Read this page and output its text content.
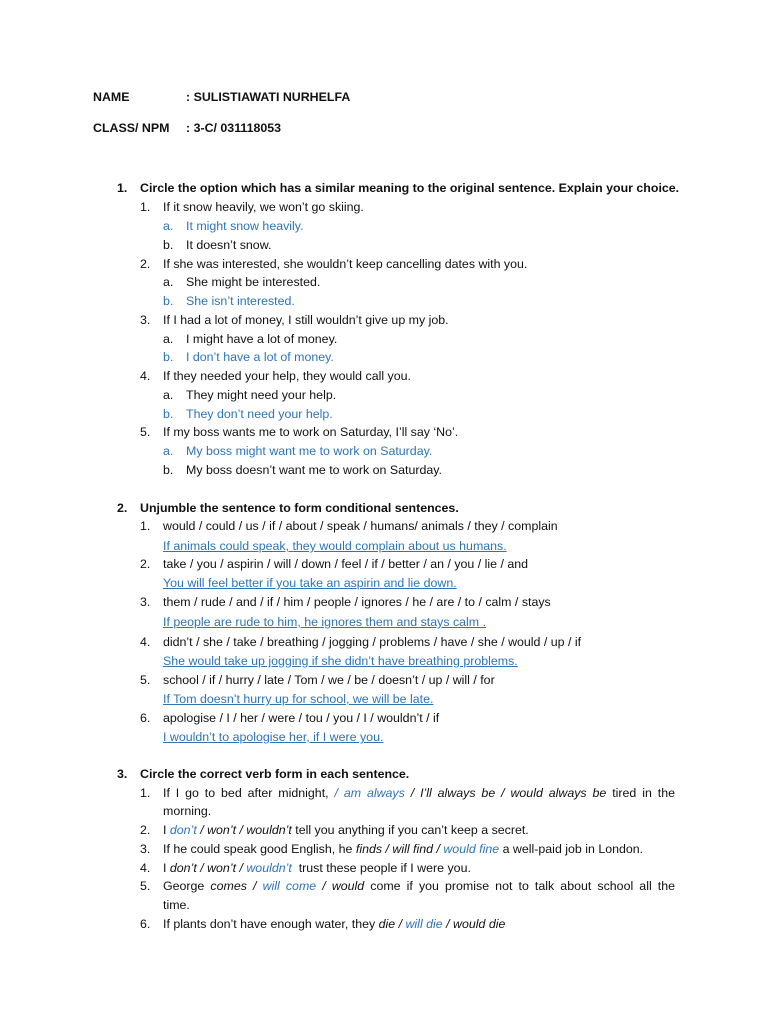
NAME	: SULISTIAWATI NURHELFA
CLASS/ NPM : 3-C/ 031118053
1. Circle the option which has a similar meaning to the original sentence. Explain your choice.
1. If it snow heavily, we won’t go skiing.
a. It might snow heavily.
b. It doesn’t snow.
2. If she was interested, she wouldn’t keep cancelling dates with you.
a. She might be interested.
b. She isn’t interested.
3. If I had a lot of money, I still wouldn’t give up my job.
a. I might have a lot of money.
b. I don’t have a lot of money.
4. If they needed your help, they would call you.
a. They might need your help.
b. They don’t need your help.
5. If my boss wants me to work on Saturday, I’ll say ‘No’.
a. My boss might want me to work on Saturday.
b. My boss doesn’t want me to work on Saturday.
2. Unjumble the sentence to form conditional sentences.
1. would / could / us / if / about / speak / humans/ animals / they / complain
If animals could speak, they would complain about us humans.
2. take / you / aspirin / will / down / feel / if / better / an / you / lie / and
You will feel better if you take an aspirin and lie down.
3. them / rude / and / if / him / people / ignores / he / are / to / calm / stays
If people are rude to him, he ignores them and stays calm .
4. didn’t / she / take / breathing / jogging / problems / have / she / would / up / if
She would take up jogging if she didn’t have breathing problems.
5. school / if / hurry / late / Tom / we / be / doesn’t / up / will / for
If Tom doesn’t hurry up for school, we will be late.
6. apologise / I / her / were / tou / you / I / wouldn’t / if
I wouldn’t to apologise her, if I were you.
3. Circle the correct verb form in each sentence.
1. If I go to bed after midnight, / am always / I’ll always be / would always be tired in the
morning.
2. I don’t / won’t / wouldn’t tell you anything if you can’t keep a secret.
3. If he could speak good English, he finds / will find / would fine a well-paid job in London.
4. I don’t / won’t / wouldn’t  trust these people if I were you.
5. George comes / will come / would come if you promise not to talk about school all the
time.
6. If plants don’t have enough water, they die / will die / would die
